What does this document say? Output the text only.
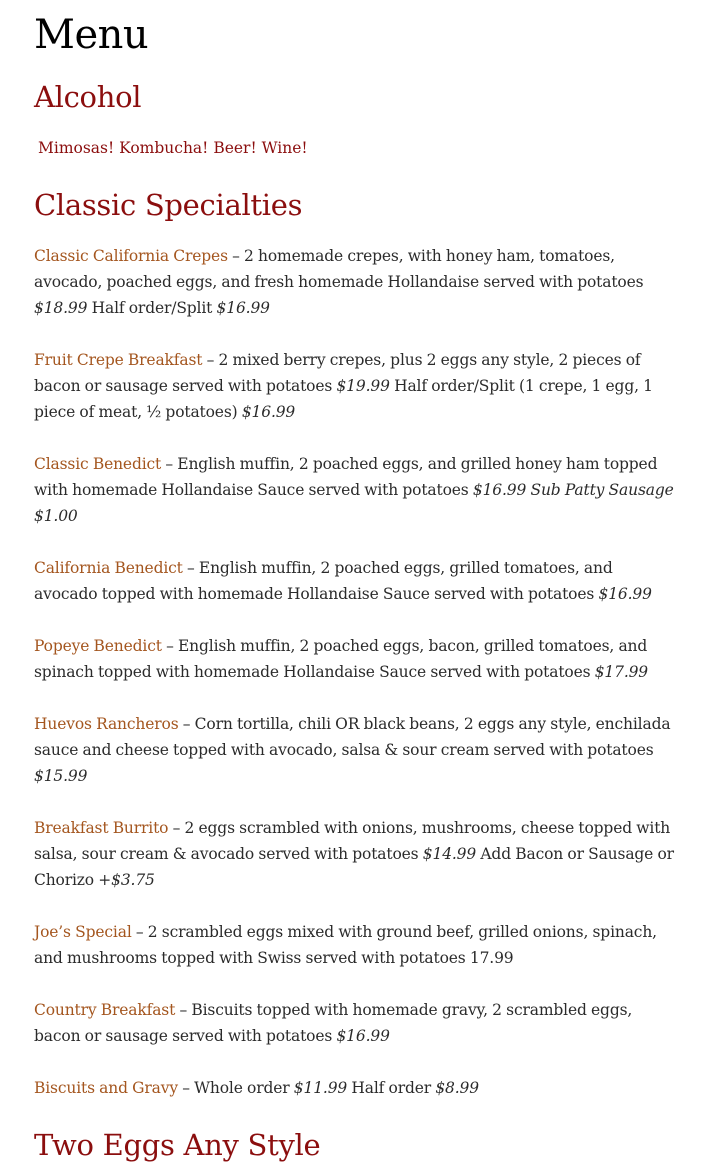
Menu
Alcohol

Mimosas! Kombucha! Beer! Wine!

Classic Specialties

Classic California Crepes – 2 homemade crepes, with honey ham, tomatoes, avocado, poached eggs, and fresh homemade Hollandaise served with potatoes $18.99 Half order/Split $16.99

Fruit Crepe Breakfast – 2 mixed berry crepes, plus 2 eggs any style, 2 pieces of bacon or sausage served with potatoes $19.99 Half order/Split (1 crepe, 1 egg, 1 piece of meat, ½ potatoes) $16.99

Classic Benedict – English muffin, 2 poached eggs, and grilled honey ham topped with homemade Hollandaise Sauce served with potatoes $16.99 Sub Patty Sausage $1.00

California Benedict – English muffin, 2 poached eggs, grilled tomatoes, and avocado topped with homemade Hollandaise Sauce served with potatoes $16.99

Popeye Benedict – English muffin, 2 poached eggs, bacon, grilled tomatoes, and spinach topped with homemade Hollandaise Sauce served with potatoes $17.99

Huevos Rancheros – Corn tortilla, chili OR black beans, 2 eggs any style, enchilada sauce and cheese topped with avocado, salsa & sour cream served with potatoes $15.99

Breakfast Burrito – 2 eggs scrambled with onions, mushrooms, cheese topped with salsa, sour cream & avocado served with potatoes $14.99 Add Bacon or Sausage or Chorizo +$3.75

Joe’s Special – 2 scrambled eggs mixed with ground beef, grilled onions, spinach, and mushrooms topped with Swiss served with potatoes 17.99

Country Breakfast – Biscuits topped with homemade gravy, 2 scrambled eggs, bacon or sausage served with potatoes $16.99

Biscuits and Gravy – Whole order $11.99 Half order $8.99

Two Eggs Any Style
